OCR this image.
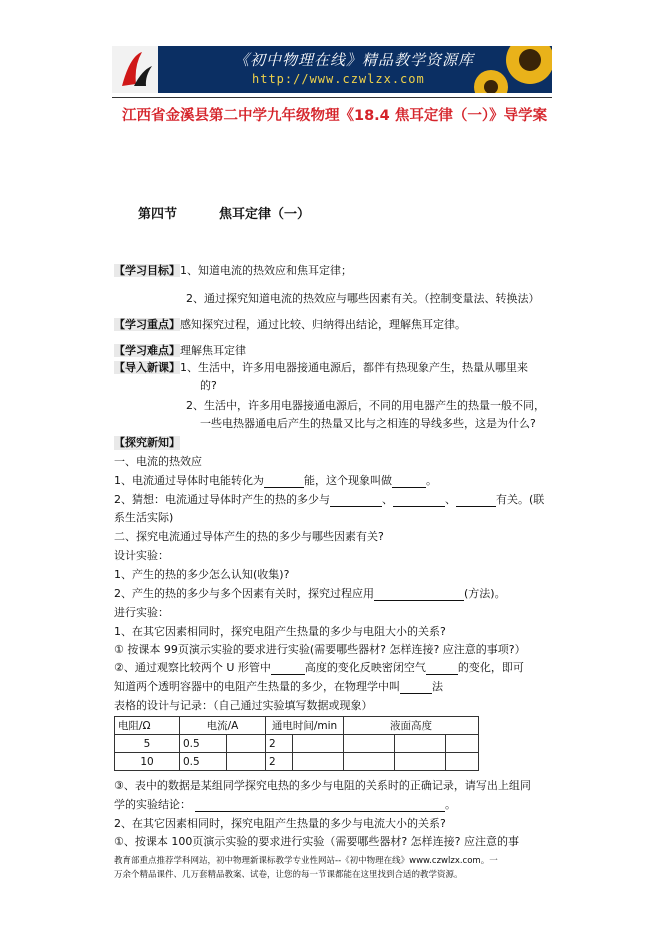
《初中物理在线》精品教学资源库
http://www.czwlzx.com
江西省金溪县第二中学九年级物理《18.4 焦耳定律（一）》导学案
第四节	焦耳定律（一）
【学习目标】1、知道电流的热效应和焦耳定律；
2、通过探究知道电流的热效应与哪些因素有关。（控制变量法、转换法）
【学习重点】感知探究过程，通过比较、归纳得出结论，理解焦耳定律。
【学习难点】理解焦耳定律
【导入新课】1、生活中，许多用电器接通电源后，都伴有热现象产生，热量从哪里来
的?
2、生活中，许多用电器接通电源后，不同的用电器产生的热量一般不同，
一些电热器通电后产生的热量又比与之相连的导线多些，这是为什么?
【探究新知】
一、电流的热效应
1、电流通过导体时电能转化为	能，这个现象叫做	。
2、猜想：电流通过导体时产生的热的多少与	、	、	有关。(联
系生活实际)
二、探究电流通过导体产生的热的多少与哪些因素有关?
设计实验：
1、产生的热的多少怎么认知(收集)?
2、产生的热的多少与多个因素有关时，探究过程应用	(方法)。
进行实验：
1、在其它因素相同时，探究电阻产生热量的多少与电阻大小的关系?
① 按课本 99页演示实验的要求进行实验(需要哪些器材? 怎样连接? 应注意的事项?）
②、通过观察比较两个 U 形管中	高度的变化反映密闭空气	的变化，即可
知道两个透明容器中的电阻产生热量的多少，在物理学中叫	法
表格的设计与记录：（自己通过实验填写数据或现象）
电阻/Ω	电流/A		通电时间/min		液面高度		
5	0.5		2				
10	0.5		2				
③、表中的数据是某组同学探究电热的多少与电阻的关系时的正确记录，请写出上组同
学的实验结论：	。
2、在其它因素相同时，探究电阻产生热量的多少与电流大小的关系?
①、按课本 100页演示实验的要求进行实验（需要哪些器材? 怎样连接? 应注意的事
教育部重点推荐学科网站，初中物理新课标教学专业性网站--《初中物理在线》www.czwlzx.com。一
万余个精品课件、几万套精品教案、试卷，让您的每一节课都能在这里找到合适的教学资源。
